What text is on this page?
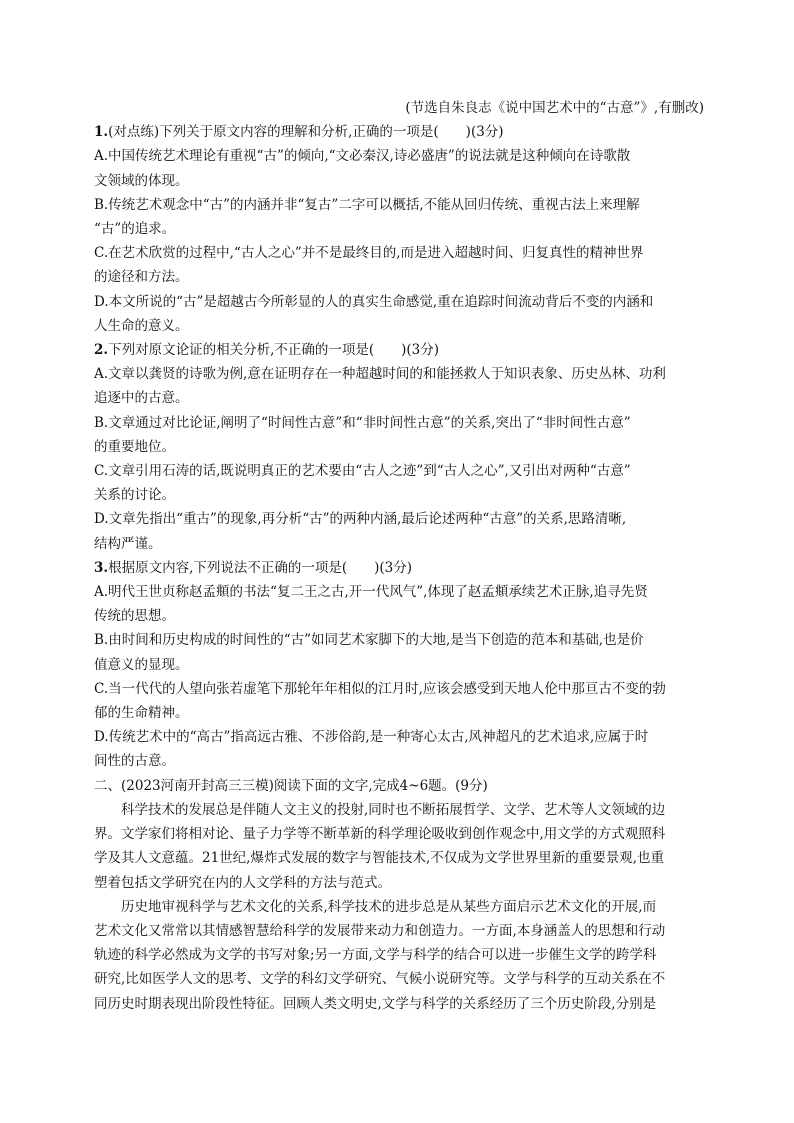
(节选自朱良志《说中国艺术中的“古意”》,有删改)
1.(对点练)下列关于原文内容的理解和分析,正确的一项是(　　)(3分)
A.中国传统艺术理论有重视“古”的倾向,“文必秦汉,诗必盛唐”的说法就是这种倾向在诗歌散
文领域的体现。
B.传统艺术观念中“古”的内涵并非“复古”二字可以概括,不能从回归传统、重视古法上来理解
“古”的追求。
C.在艺术欣赏的过程中,“古人之心”并不是最终目的,而是进入超越时间、归复真性的精神世界
的途径和方法。
D.本文所说的“古”是超越古今所彰显的人的真实生命感觉,重在追踪时间流动背后不变的内涵和
人生命的意义。
2.下列对原文论证的相关分析,不正确的一项是(　　)(3分)
A.文章以龚贤的诗歌为例,意在证明存在一种超越时间的和能拯救人于知识表象、历史丛林、功利
追逐中的古意。
B.文章通过对比论证,阐明了“时间性古意”和“非时间性古意”的关系,突出了“非时间性古意”
的重要地位。
C.文章引用石涛的话,既说明真正的艺术要由“古人之迹”到“古人之心”,又引出对两种“古意”
关系的讨论。
D.文章先指出“重古”的现象,再分析“古”的两种内涵,最后论述两种“古意”的关系,思路清晰,
结构严谨。
3.根据原文内容,下列说法不正确的一项是(　　)(3分)
A.明代王世贞称赵孟頫的书法“复二王之古,开一代风气”,体现了赵孟頫承续艺术正脉,追寻先贤
传统的思想。
B.由时间和历史构成的时间性的“古”如同艺术家脚下的大地,是当下创造的范本和基础,也是价
值意义的显现。
C.当一代代的人望向张若虚笔下那轮年年相似的江月时,应该会感受到天地人伦中那亘古不变的勃
郁的生命精神。
D.传统艺术中的“高古”指高远古雅、不涉俗韵,是一种寄心太古,风神超凡的艺术追求,应属于时
间性的古意。
二、(2023河南开封高三三模)阅读下面的文字,完成4~6题。(9分)
科学技术的发展总是伴随人文主义的投射,同时也不断拓展哲学、文学、艺术等人文领域的边
界。文学家们将相对论、量子力学等不断革新的科学理论吸收到创作观念中,用文学的方式观照科
学及其人文意蕴。21世纪,爆炸式发展的数字与智能技术,不仅成为文学世界里新的重要景观,也重
塑着包括文学研究在内的人文学科的方法与范式。
历史地审视科学与艺术文化的关系,科学技术的进步总是从某些方面启示艺术文化的开展,而
艺术文化又常常以其情感智慧给科学的发展带来动力和创造力。一方面,本身涵盖人的思想和行动
轨迹的科学必然成为文学的书写对象;另一方面,文学与科学的结合可以进一步催生文学的跨学科
研究,比如医学人文的思考、文学的科幻文学研究、气候小说研究等。文学与科学的互动关系在不
同历史时期表现出阶段性特征。回顾人类文明史,文学与科学的关系经历了三个历史阶段,分别是
